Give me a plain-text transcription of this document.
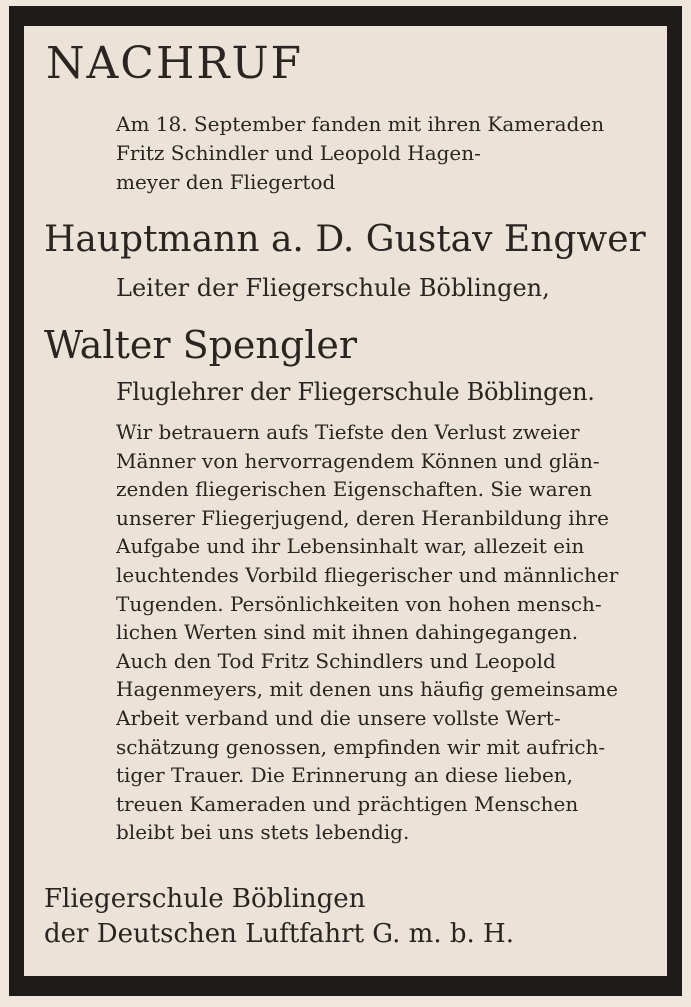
NACHRUF
Am 18. September fanden mit ihren Kameraden
Fritz Schindler und Leopold Hagen-
meyer den Fliegertod
Hauptmann a. D. Gustav Engwer
Leiter der Fliegerschule Böblingen,
Walter Spengler
Fluglehrer der Fliegerschule Böblingen.
Wir betrauern aufs Tiefste den Verlust zweier
Männer von hervorragendem Können und glän-
zenden fliegerischen Eigenschaften. Sie waren
unserer Fliegerjugend, deren Heranbildung ihre
Aufgabe und ihr Lebensinhalt war, allezeit ein
leuchtendes Vorbild fliegerischer und männlicher
Tugenden. Persönlichkeiten von hohen mensch-
lichen Werten sind mit ihnen dahingegangen.
Auch den Tod Fritz Schindlers und Leopold
Hagenmeyers, mit denen uns häufig gemeinsame
Arbeit verband und die unsere vollste Wert-
schätzung genossen, empfinden wir mit aufrich-
tiger Trauer. Die Erinnerung an diese lieben,
treuen Kameraden und prächtigen Menschen
bleibt bei uns stets lebendig.
Fliegerschule Böblingen
der Deutschen Luftfahrt G. m. b. H.
